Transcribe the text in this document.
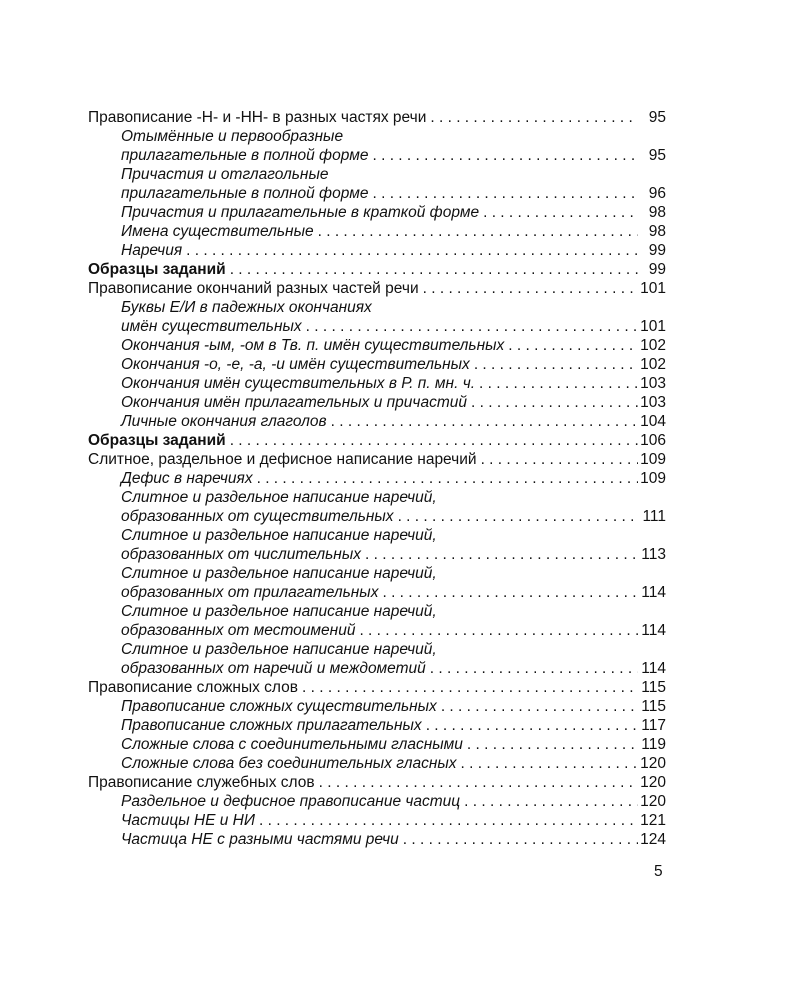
Правописание -Н- и -НН- в разных частях речи . . .	95
Отымённые и первообразные
прилагательные в полной форме . . .	95
Причастия и отглагольные
прилагательные в полной форме . . .	96
Причастия и прилагательные в краткой форме . . .	98
Имена существительные . . .	98
Наречия . . .	99
Образцы заданий . . .	99
Правописание окончаний разных частей речи . . .	101
Буквы Е/И в падежных окончаниях
имён существительных . . .	101
Окончания -ым, -ом в Тв. п. имён существительных . . .	102
Окончания -о, -е, -а, -и имён существительных . . .	102
Окончания имён существительных в Р. п. мн. ч. . . .	103
Окончания имён прилагательных и причастий . . .	103
Личные окончания глаголов . . .	104
Образцы заданий . . .	106
Слитное, раздельное и дефисное написание наречий . . .	109
Дефис в наречиях . . .	109
Слитное и раздельное написание наречий,
образованных от существительных . . .	111
Слитное и раздельное написание наречий,
образованных от числительных . . .	113
Слитное и раздельное написание наречий,
образованных от прилагательных . . .	114
Слитное и раздельное написание наречий,
образованных от местоимений . . .	114
Слитное и раздельное написание наречий,
образованных от наречий и междометий . . .	114
Правописание сложных слов . . .	115
Правописание сложных существительных . . .	115
Правописание сложных прилагательных . . .	117
Сложные слова с соединительными гласными . . .	119
Сложные слова без соединительных гласных . . .	120
Правописание служебных слов . . .	120
Раздельное и дефисное правописание частиц . . .	120
Частицы НЕ и НИ . . .	121
Частица НЕ с разными частями речи . . .	124
5
